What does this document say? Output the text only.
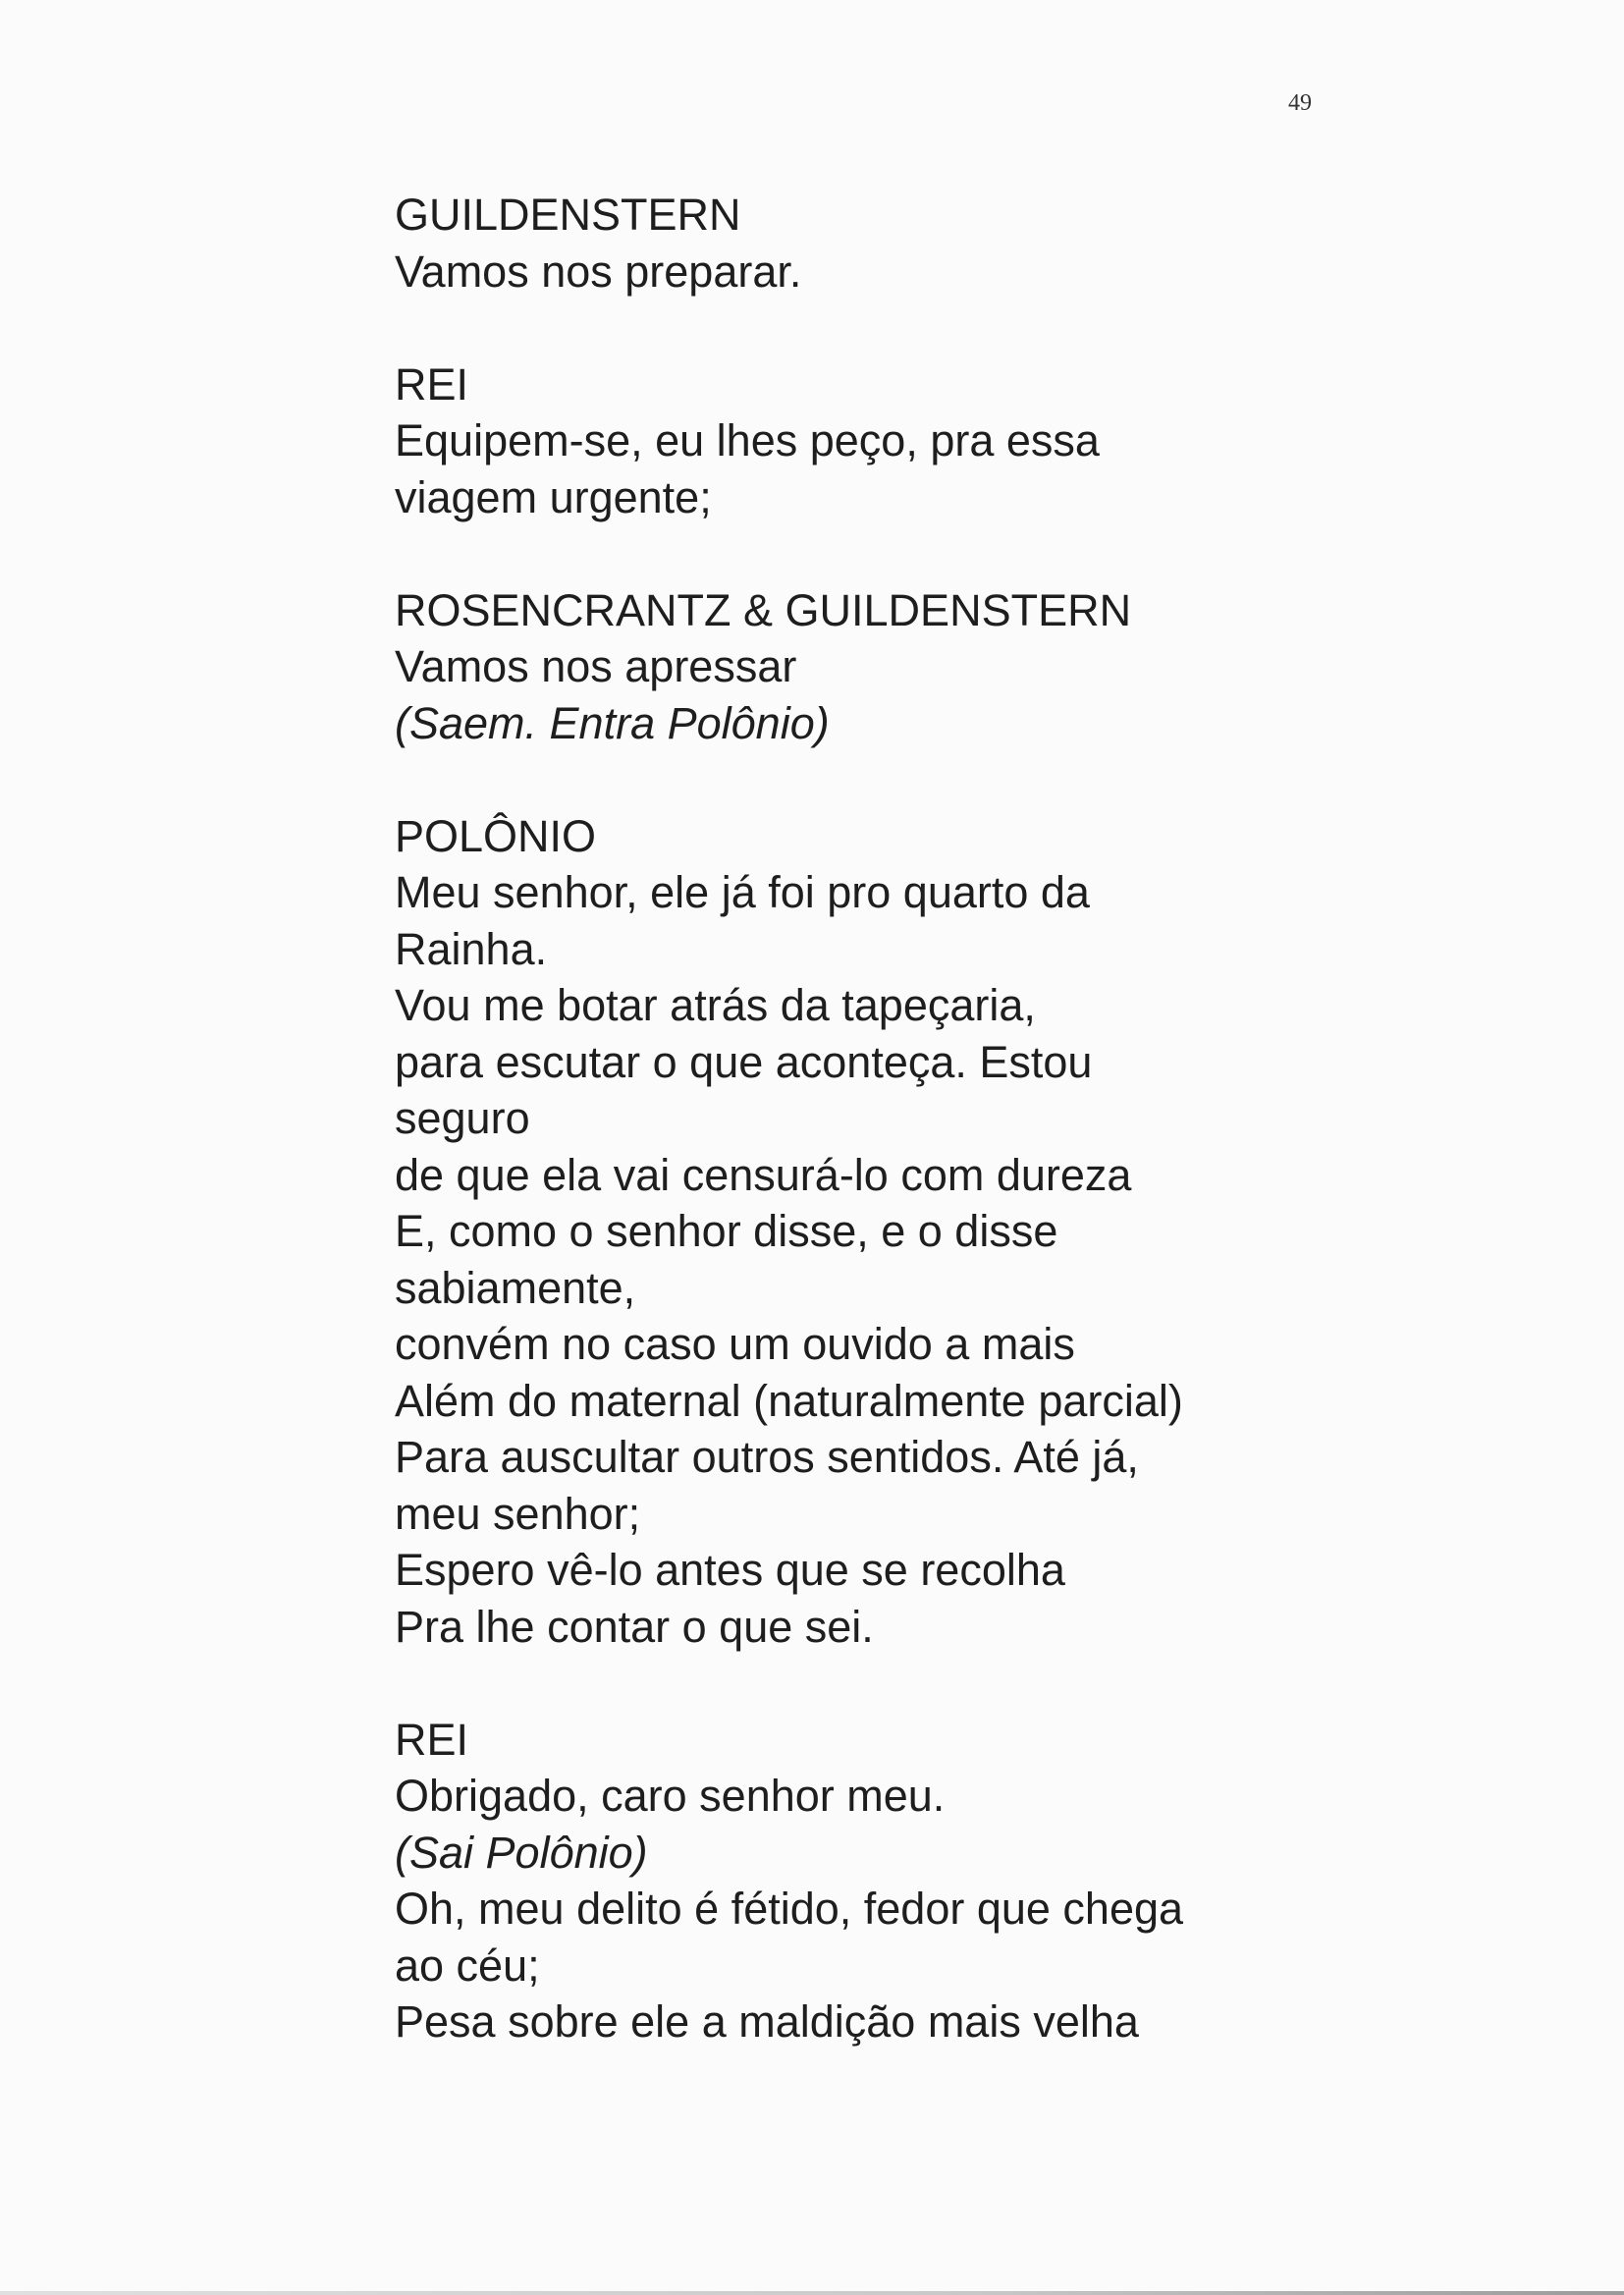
49
GUILDENSTERN
Vamos nos preparar.
REI
Equipem-se, eu lhes peço, pra essa
viagem urgente;
ROSENCRANTZ & GUILDENSTERN
Vamos nos apressar
(Saem. Entra Polônio)
POLÔNIO
Meu senhor, ele já foi pro quarto da
Rainha.
Vou me botar atrás da tapeçaria,
para escutar o que aconteça. Estou
seguro
de que ela vai censurá-lo com dureza
E, como o senhor disse, e o disse
sabiamente,
convém no caso um ouvido a mais
Além do maternal (naturalmente parcial)
Para auscultar outros sentidos. Até já,
meu senhor;
Espero vê-lo antes que se recolha
Pra lhe contar o que sei.
REI
Obrigado, caro senhor meu.
(Sai Polônio)
Oh, meu delito é fétido, fedor que chega
ao céu;
Pesa sobre ele a maldição mais velha
